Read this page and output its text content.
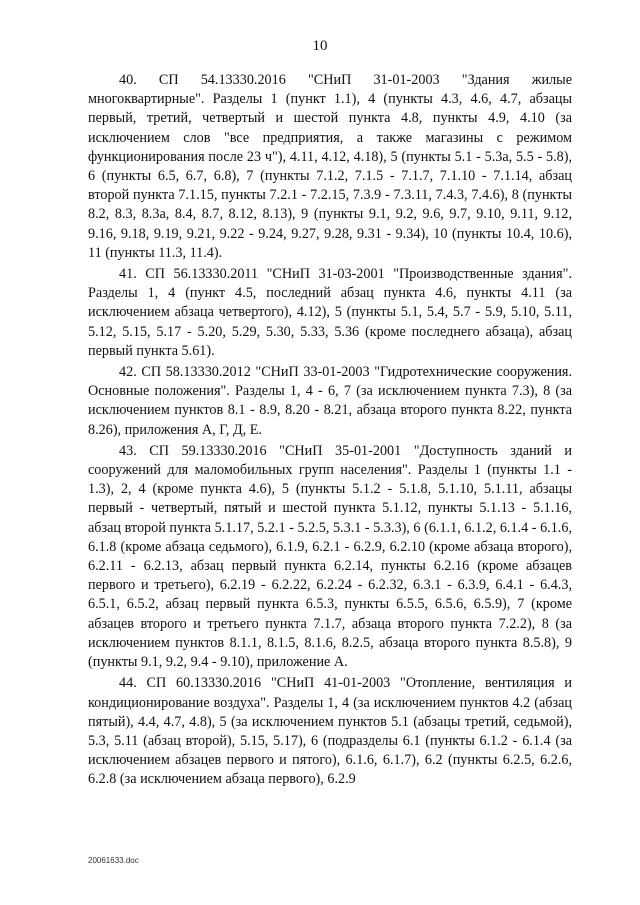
10

40. СП 54.13330.2016 "СНиП 31-01-2003 "Здания жилые многоквартирные". Разделы 1 (пункт 1.1), 4 (пункты 4.3, 4.6, 4.7, абзацы первый, третий, четвертый и шестой пункта 4.8, пункты 4.9, 4.10 (за исключением слов "все предприятия, а также магазины с режимом функционирования после 23 ч"), 4.11, 4.12, 4.18), 5 (пункты 5.1 - 5.3а, 5.5 - 5.8), 6 (пункты 6.5, 6.7, 6.8), 7 (пункты 7.1.2, 7.1.5 - 7.1.7, 7.1.10 - 7.1.14, абзац второй пункта 7.1.15, пункты 7.2.1 - 7.2.15, 7.3.9 - 7.3.11, 7.4.3, 7.4.6), 8 (пункты 8.2, 8.3, 8.3а, 8.4, 8.7, 8.12, 8.13), 9 (пункты 9.1, 9.2, 9.6, 9.7, 9.10, 9.11, 9.12, 9.16, 9.18, 9.19, 9.21, 9.22 - 9.24, 9.27, 9.28, 9.31 - 9.34), 10 (пункты 10.4, 10.6), 11 (пункты 11.3, 11.4).

41. СП 56.13330.2011 "СНиП 31-03-2001 "Производственные здания". Разделы 1, 4 (пункт 4.5, последний абзац пункта 4.6, пункты 4.11 (за исключением абзаца четвертого), 4.12), 5 (пункты 5.1, 5.4, 5.7 - 5.9, 5.10, 5.11, 5.12, 5.15, 5.17 - 5.20, 5.29, 5.30, 5.33, 5.36 (кроме последнего абзаца), абзац первый пункта 5.61).

42. СП 58.13330.2012 "СНиП 33-01-2003 "Гидротехнические сооружения. Основные положения". Разделы 1, 4 - 6, 7 (за исключением пункта 7.3), 8 (за исключением пунктов 8.1 - 8.9, 8.20 - 8.21, абзаца второго пункта 8.22, пункта 8.26), приложения А, Г, Д, Е.

43. СП 59.13330.2016 "СНиП 35-01-2001 "Доступность зданий и сооружений для маломобильных групп населения". Разделы 1 (пункты 1.1 - 1.3), 2, 4 (кроме пункта 4.6), 5 (пункты 5.1.2 - 5.1.8, 5.1.10, 5.1.11, абзацы первый - четвертый, пятый и шестой пункта 5.1.12, пункты 5.1.13 - 5.1.16, абзац второй пункта 5.1.17, 5.2.1 - 5.2.5, 5.3.1 - 5.3.3), 6 (6.1.1, 6.1.2, 6.1.4 - 6.1.6, 6.1.8 (кроме абзаца седьмого), 6.1.9, 6.2.1 - 6.2.9, 6.2.10 (кроме абзаца второго), 6.2.11 - 6.2.13, абзац первый пункта 6.2.14, пункты 6.2.16 (кроме абзацев первого и третьего), 6.2.19 - 6.2.22, 6.2.24 - 6.2.32, 6.3.1 - 6.3.9, 6.4.1 - 6.4.3, 6.5.1, 6.5.2, абзац первый пункта 6.5.3, пункты 6.5.5, 6.5.6, 6.5.9), 7 (кроме абзацев второго и третьего пункта 7.1.7, абзаца второго пункта 7.2.2), 8 (за исключением пунктов 8.1.1, 8.1.5, 8.1.6, 8.2.5, абзаца второго пункта 8.5.8), 9 (пункты 9.1, 9.2, 9.4 - 9.10), приложение А.

44. СП 60.13330.2016 "СНиП 41-01-2003 "Отопление, вентиляция и кондиционирование воздуха". Разделы 1, 4 (за исключением пунктов 4.2 (абзац пятый), 4.4, 4.7, 4.8), 5 (за исключением пунктов 5.1 (абзацы третий, седьмой), 5.3, 5.11 (абзац второй), 5.15, 5.17), 6 (подразделы 6.1 (пункты 6.1.2 - 6.1.4 (за исключением абзацев первого и пятого), 6.1.6, 6.1.7), 6.2 (пункты 6.2.5, 6.2.6, 6.2.8 (за исключением абзаца первого), 6.2.9

20061633.doc
